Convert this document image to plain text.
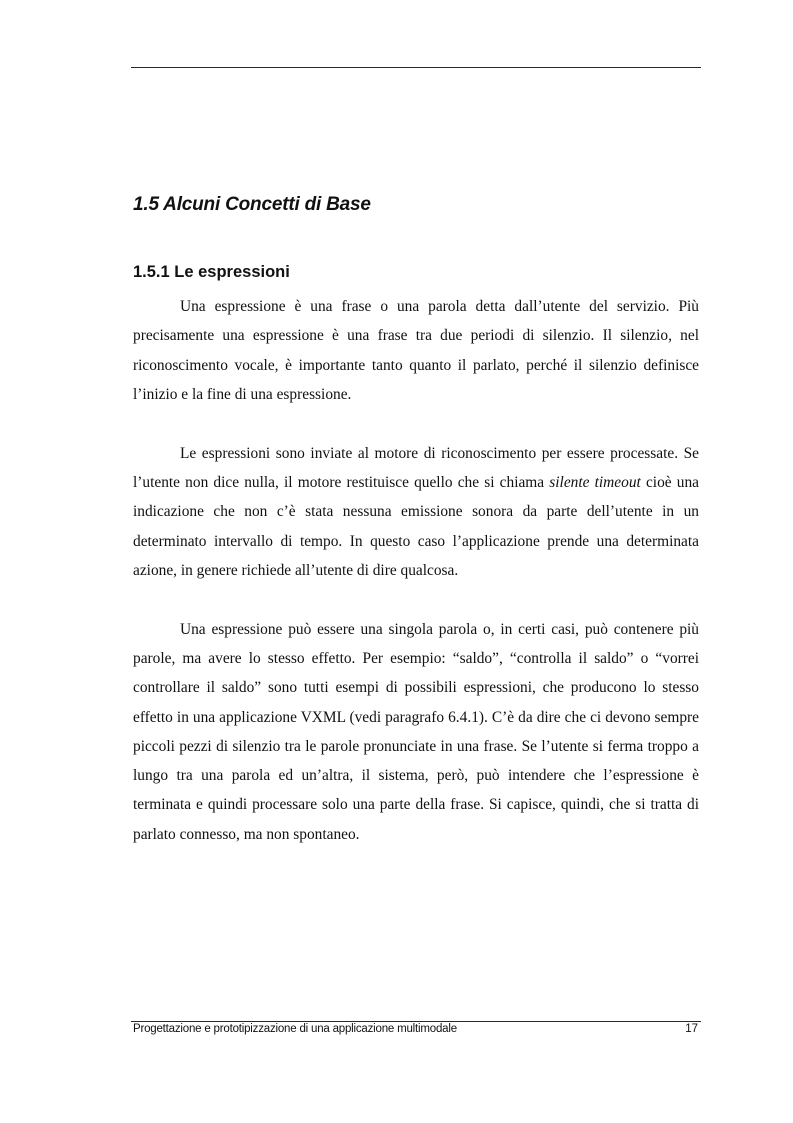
1.5 Alcuni Concetti di Base
1.5.1 Le espressioni

Una espressione è una frase o una parola detta dall’utente del servizio. Più precisamente una espressione è una frase tra due periodi di silenzio. Il silenzio, nel riconoscimento vocale, è importante tanto quanto il parlato, perché il silenzio definisce l’inizio e la fine di una espressione.

Le espressioni sono inviate al motore di riconoscimento per essere processate. Se l’utente non dice nulla, il motore restituisce quello che si chiama silente timeout cioè una indicazione che non c’è stata nessuna emissione sonora da parte dell’utente in un determinato intervallo di tempo. In questo caso l’applicazione prende una determinata azione, in genere richiede all’utente di dire qualcosa.

Una espressione può essere una singola parola o, in certi casi, può contenere più parole, ma avere lo stesso effetto. Per esempio: “saldo”, “controlla il saldo” o “vorrei controllare il saldo” sono tutti esempi di possibili espressioni, che producono lo stesso effetto in una applicazione VXML (vedi paragrafo 6.4.1). C’è da dire che ci devono sempre piccoli pezzi di silenzio tra le parole pronunciate in una frase. Se l’utente si ferma troppo a lungo tra una parola ed un’altra, il sistema, però, può intendere che l’espressione è terminata e quindi processare solo una parte della frase. Si capisce, quindi, che si tratta di parlato connesso, ma non spontaneo.

Progettazione e prototipizzazione di una applicazione multimodale	17
